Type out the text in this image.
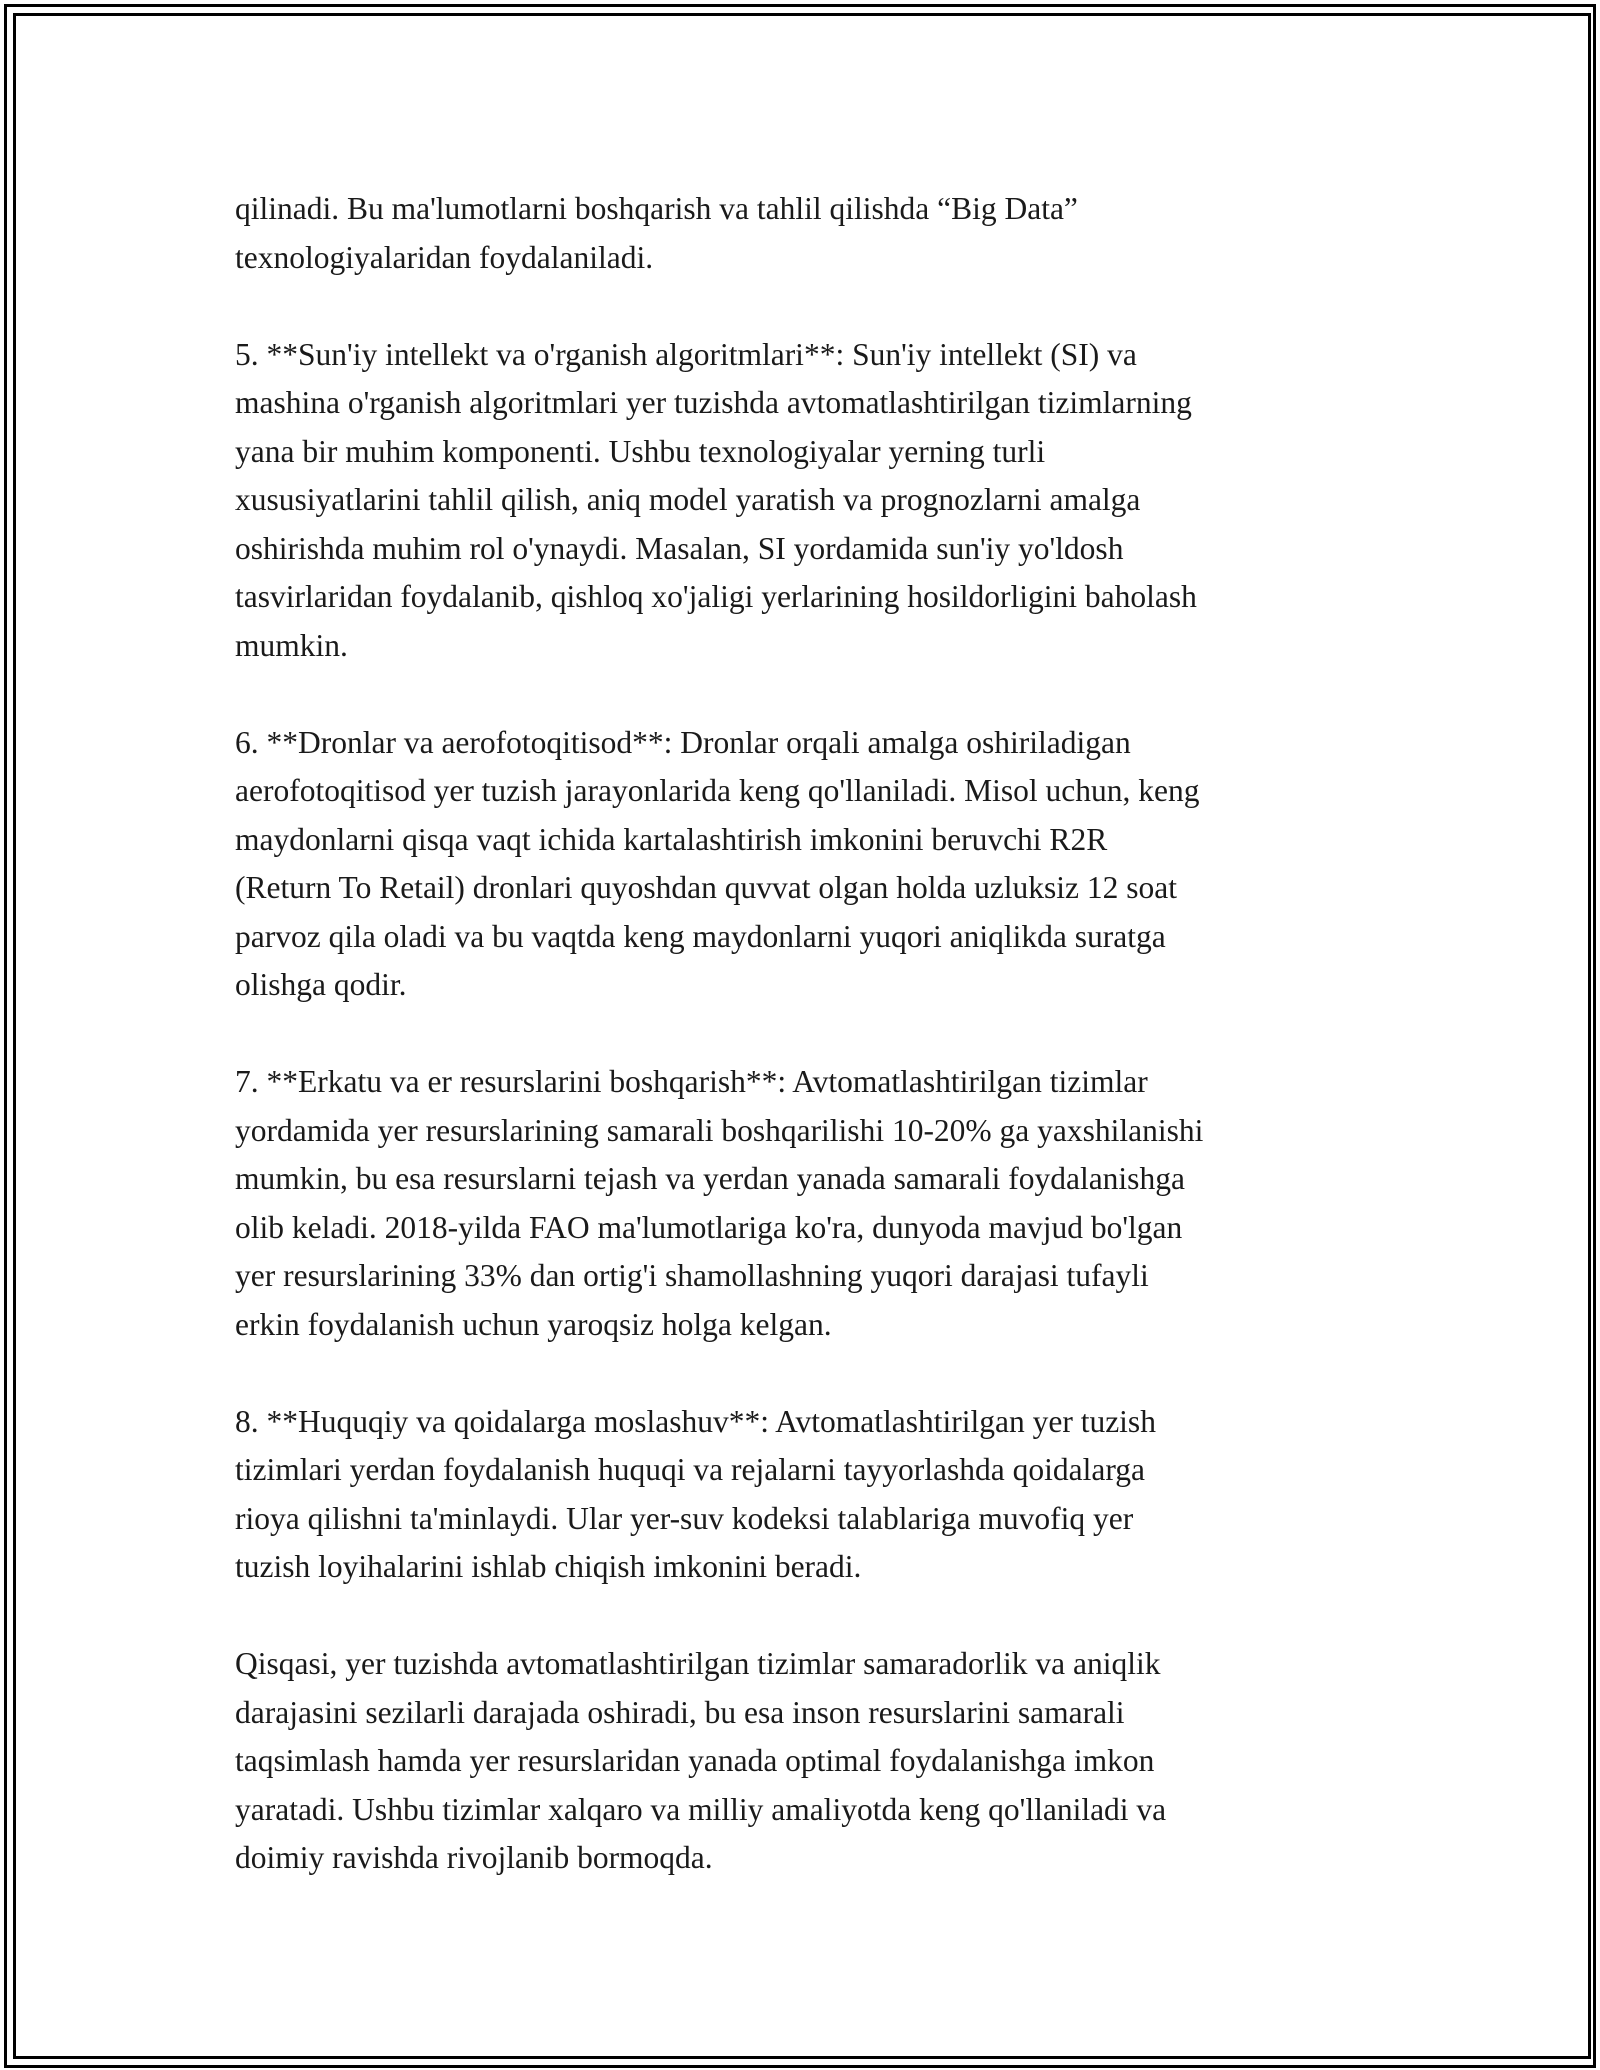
qilinadi. Bu ma'lumotlarni boshqarish va tahlil qilishda “Big Data”
texnologiyalaridan foydalaniladi.

5. **Sun'iy intellekt va o'rganish algoritmlari**: Sun'iy intellekt (SI) va
mashina o'rganish algoritmlari yer tuzishda avtomatlashtirilgan tizimlarning
yana bir muhim komponenti. Ushbu texnologiyalar yerning turli
xususiyatlarini tahlil qilish, aniq model yaratish va prognozlarni amalga
oshirishda muhim rol o'ynaydi. Masalan, SI yordamida sun'iy yo'ldosh
tasvirlaridan foydalanib, qishloq xo'jaligi yerlarining hosildorligini baholash
mumkin.

6. **Dronlar va aerofotoqitisod**: Dronlar orqali amalga oshiriladigan
aerofotoqitisod yer tuzish jarayonlarida keng qo'llaniladi. Misol uchun, keng
maydonlarni qisqa vaqt ichida kartalashtirish imkonini beruvchi R2R
(Return To Retail) dronlari quyoshdan quvvat olgan holda uzluksiz 12 soat
parvoz qila oladi va bu vaqtda keng maydonlarni yuqori aniqlikda suratga
olishga qodir.

7. **Erkatu va er resurslarini boshqarish**: Avtomatlashtirilgan tizimlar
yordamida yer resurslarining samarali boshqarilishi 10-20% ga yaxshilanishi
mumkin, bu esa resurslarni tejash va yerdan yanada samarali foydalanishga
olib keladi. 2018-yilda FAO ma'lumotlariga ko'ra, dunyoda mavjud bo'lgan
yer resurslarining 33% dan ortig'i shamollashning yuqori darajasi tufayli
erkin foydalanish uchun yaroqsiz holga kelgan.

8. **Huquqiy va qoidalarga moslashuv**: Avtomatlashtirilgan yer tuzish
tizimlari yerdan foydalanish huquqi va rejalarni tayyorlashda qoidalarga
rioya qilishni ta'minlaydi. Ular yer-suv kodeksi talablariga muvofiq yer
tuzish loyihalarini ishlab chiqish imkonini beradi.

Qisqasi, yer tuzishda avtomatlashtirilgan tizimlar samaradorlik va aniqlik
darajasini sezilarli darajada oshiradi, bu esa inson resurslarini samarali
taqsimlash hamda yer resurslaridan yanada optimal foydalanishga imkon
yaratadi. Ushbu tizimlar xalqaro va milliy amaliyotda keng qo'llaniladi va
doimiy ravishda rivojlanib bormoqda.
